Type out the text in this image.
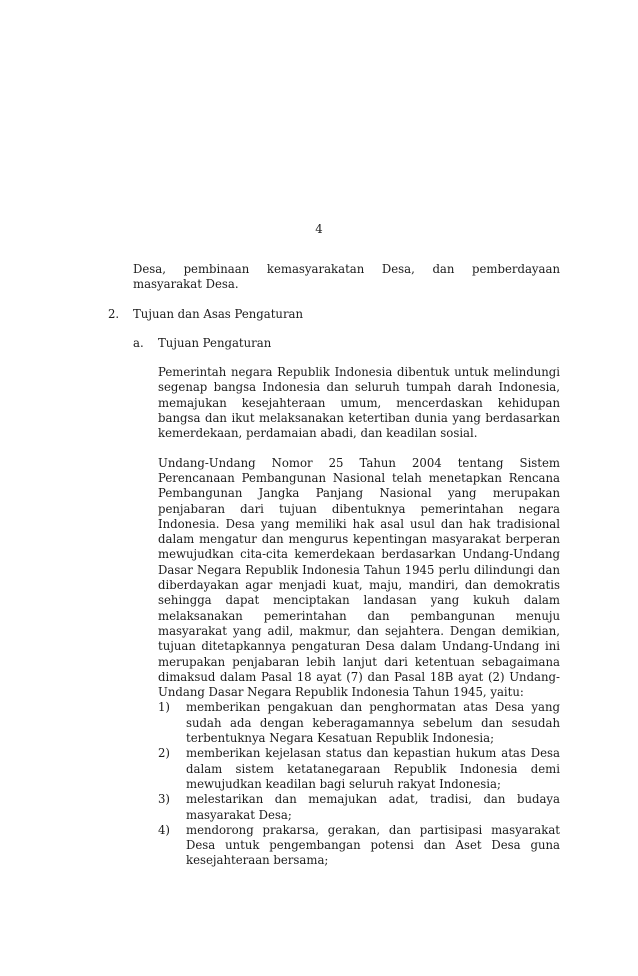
4
Desa, pembinaan kemasyarakatan Desa, dan pemberdayaan masyarakat Desa.
2.	Tujuan dan Asas Pengaturan
a.	Tujuan Pengaturan
Pemerintah negara Republik Indonesia dibentuk untuk melindungi segenap bangsa Indonesia dan seluruh tumpah darah Indonesia, memajukan kesejahteraan umum, mencerdaskan kehidupan bangsa dan ikut melaksanakan ketertiban dunia yang berdasarkan kemerdekaan, perdamaian abadi, dan keadilan sosial.
Undang-Undang Nomor 25 Tahun 2004 tentang Sistem Perencanaan Pembangunan Nasional telah menetapkan Rencana Pembangunan Jangka Panjang Nasional yang merupakan penjabaran dari tujuan dibentuknya pemerintahan negara Indonesia. Desa yang memiliki hak asal usul dan hak tradisional dalam mengatur dan mengurus kepentingan masyarakat berperan mewujudkan cita-cita kemerdekaan berdasarkan Undang-Undang Dasar Negara Republik Indonesia Tahun 1945 perlu dilindungi dan diberdayakan agar menjadi kuat, maju, mandiri, dan demokratis sehingga dapat menciptakan landasan yang kukuh dalam melaksanakan pemerintahan dan pembangunan menuju masyarakat yang adil, makmur, dan sejahtera. Dengan demikian, tujuan ditetapkannya pengaturan Desa dalam Undang-Undang ini merupakan penjabaran lebih lanjut dari ketentuan sebagaimana dimaksud dalam Pasal 18 ayat (7) dan Pasal 18B ayat (2) Undang-Undang Dasar Negara Republik Indonesia Tahun 1945, yaitu:
1)	memberikan pengakuan dan penghormatan atas Desa yang sudah ada dengan keberagamannya sebelum dan sesudah terbentuknya Negara Kesatuan Republik Indonesia;
2)	memberikan kejelasan status dan kepastian hukum atas Desa dalam sistem ketatanegaraan Republik Indonesia demi mewujudkan keadilan bagi seluruh rakyat Indonesia;
3)	melestarikan dan memajukan adat, tradisi, dan budaya masyarakat Desa;
4)	mendorong prakarsa, gerakan, dan partisipasi masyarakat Desa untuk pengembangan potensi dan Aset Desa guna kesejahteraan bersama;
